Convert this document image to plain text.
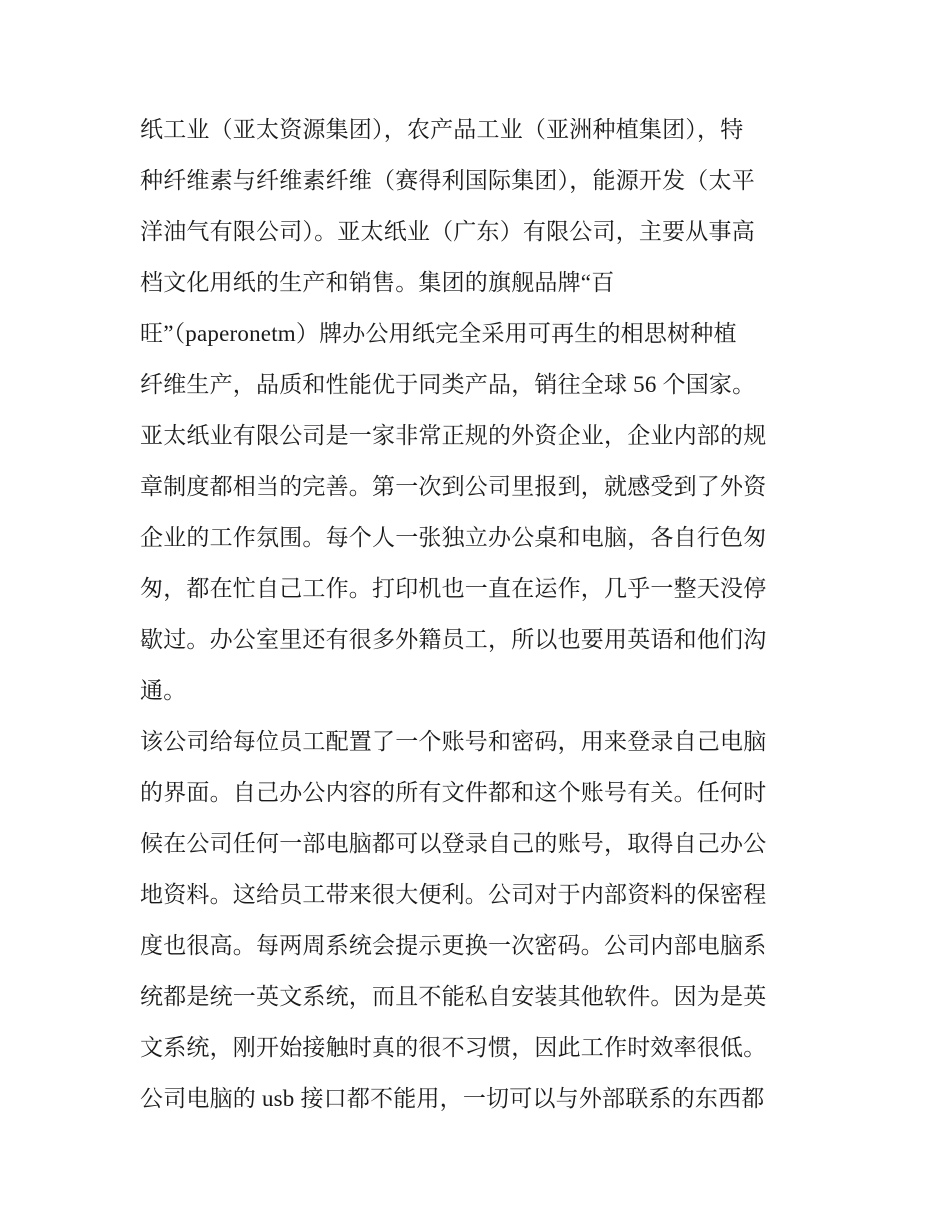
纸工业（亚太资源集团），农产品工业（亚洲种植集团），特
种纤维素与纤维素纤维（赛得利国际集团），能源开发（太平
洋油气有限公司）。亚太纸业（广东）有限公司，主要从事高
档文化用纸的生产和销售。集团的旗舰品牌“百
旺”（paperonetm）牌办公用纸完全采用可再生的相思树种植
纤维生产，品质和性能优于同类产品，销往全球 56 个国家。
亚太纸业有限公司是一家非常正规的外资企业，企业内部的规
章制度都相当的完善。第一次到公司里报到，就感受到了外资
企业的工作氛围。每个人一张独立办公桌和电脑，各自行色匆
匆，都在忙自己工作。打印机也一直在运作，几乎一整天没停
歇过。办公室里还有很多外籍员工，所以也要用英语和他们沟
通。
该公司给每位员工配置了一个账号和密码，用来登录自己电脑
的界面。自己办公内容的所有文件都和这个账号有关。任何时
候在公司任何一部电脑都可以登录自己的账号，取得自己办公
地资料。这给员工带来很大便利。公司对于内部资料的保密程
度也很高。每两周系统会提示更换一次密码。公司内部电脑系
统都是统一英文系统，而且不能私自安装其他软件。因为是英
文系统，刚开始接触时真的很不习惯，因此工作时效率很低。
公司电脑的 usb 接口都不能用，一切可以与外部联系的东西都
